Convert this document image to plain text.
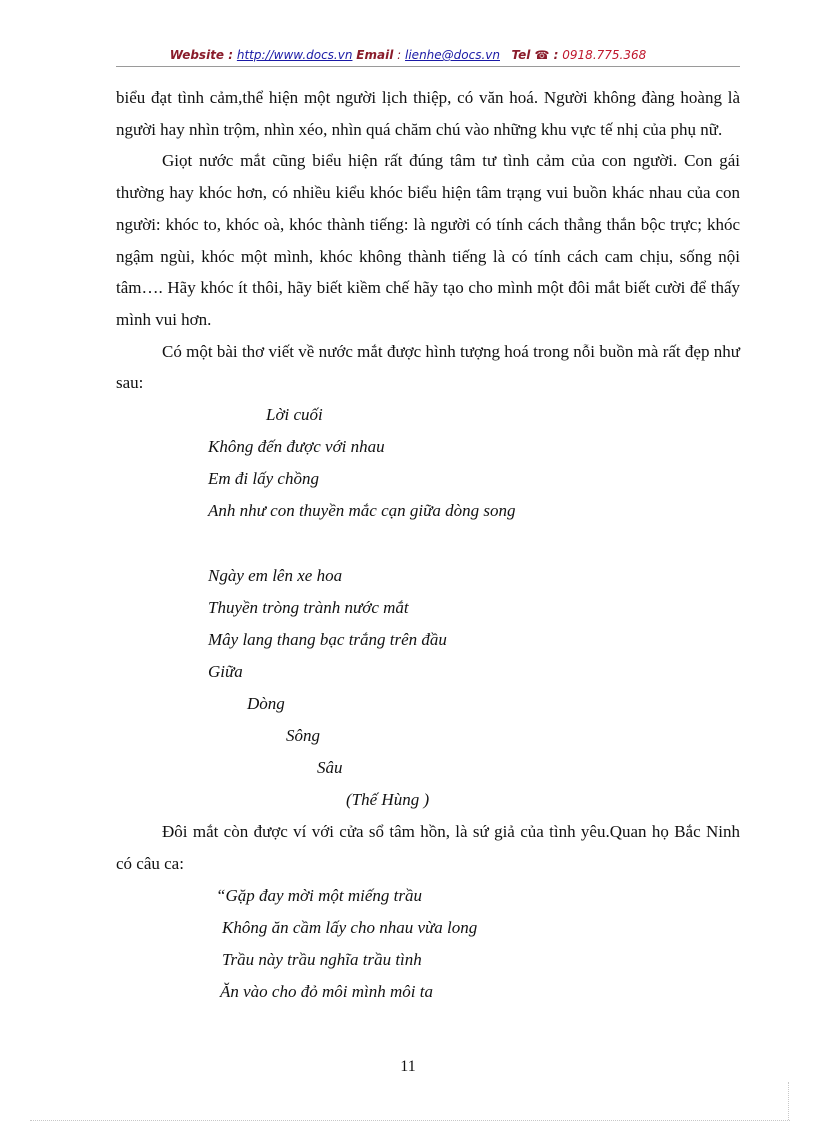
Website : http://www.docs.vn Email : lienhe@docs.vn Tel ☎ : 0918.775.368

biểu đạt tình cảm,thể hiện một người lịch thiệp, có văn hoá. Người không đàng hoàng là người hay nhìn trộm, nhìn xéo, nhìn quá chăm chú vào những khu vực tế nhị của phụ nữ.

Giọt nước mắt cũng biểu hiện rất đúng tâm tư tình cảm của con người. Con gái thường hay khóc hơn, có nhiều kiểu khóc biểu hiện tâm trạng vui buồn khác nhau của con người: khóc to, khóc oà, khóc thành tiếng: là người có tính cách thẳng thắn bộc trực; khóc ngậm ngùi, khóc một mình, khóc không thành tiếng là có tính cách cam chịu, sống nội tâm…. Hãy khóc ít thôi, hãy biết kiềm chế hãy tạo cho mình một đôi mắt biết cười để thấy mình vui hơn.

Có một bài thơ viết về nước mắt được hình tượng hoá trong nỗi buồn mà rất đẹp như sau:

Lời cuối
Không đến được với nhau
Em đi lấy chồng
Anh như con thuyền mắc cạn giữa dòng song
Ngày em lên xe hoa
Thuyền tròng trành nước mắt
Mây lang thang bạc trắng trên đầu
Giữa
Dòng
Sông
Sâu
(Thế Hùng )

Đôi mắt còn được ví với cửa sổ tâm hồn, là sứ giả của tình yêu.Quan họ Bắc Ninh có câu ca:

“Gặp đay mời một miếng trầu
Không ăn cầm lấy cho nhau vừa long
Trầu này trầu nghĩa trầu tình
Ăn vào cho đỏ môi mình môi ta
11
